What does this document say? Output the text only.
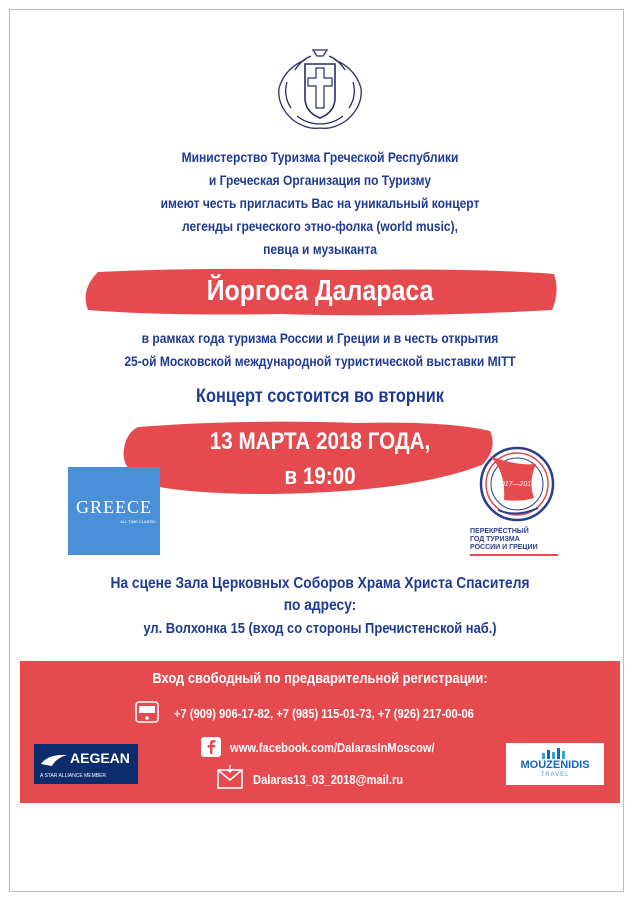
Министерство Туризма Греческой Республики
и Греческая Организация по Туризму
имеют честь пригласить Вас на уникальный концерт
легенды греческого этно-фолка (world music),
певца и музыканта
Йоргоса Даларaса
в рамках года туризма России и Греции и в честь открытия
25-ой Московской международной туристической выставки MITT
Концерт состоится во вторник
13 МАРТА 2018 ГОДА,
в 19:00
GREECE
ALL TIME CLASSIC
2017—2018
ПЕРЕКРЁСТНЫЙ
ГОД ТУРИЗМА
РОССИИ И ГРЕЦИИ
На сцене Зала Церковных Соборов Храма Христа Спасителя
по адресу:
ул. Волхонка 15 (вход со стороны Пречистенской наб.)
Вход свободный по предварительной регистрации:
+7 (909) 906-17-82, +7 (985) 115-01-73, +7 (926) 217-00-06
www.facebook.com/DalarasInMoscow/
Dalaras13_03_2018@mail.ru
AEGEAN
A STAR ALLIANCE MEMBER
MOUZENIDIS
TRAVEL
